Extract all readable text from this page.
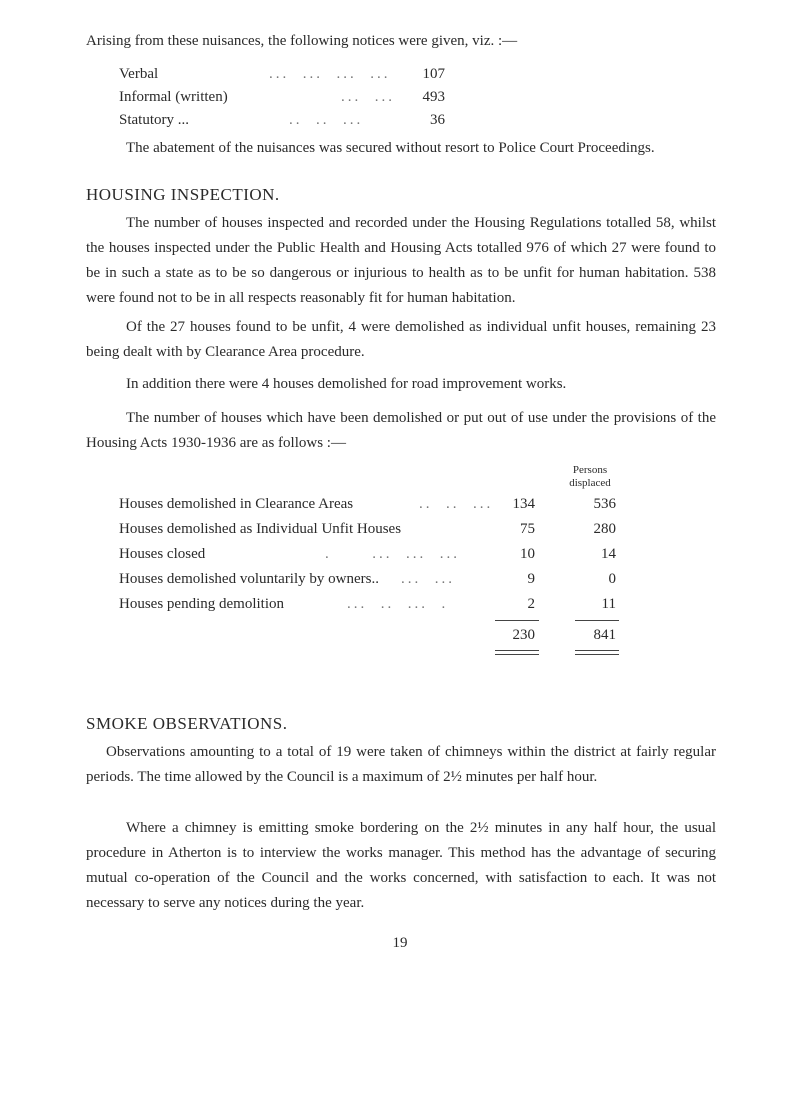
Arising from these nuisances, the following notices were given, viz. :—

Verbal	...  ...  ...  ...	107
Informal (written)	...  ...	493
Statutory ...	..  ..  ...	36

The abatement of the nuisances was secured without resort to Police Court Proceedings.

HOUSING INSPECTION.

The number of houses inspected and recorded under the Housing Regulations totalled 58, whilst the houses inspected under the Public Health and Housing Acts totalled 976 of which 27 were found to be in such a state as to be so dangerous or injurious to health as to be unfit for human habitation. 538 were found not to be in all respects reasonably fit for human habitation.

Of the 27 houses found to be unfit, 4 were demolished as individual unfit houses, remaining 23 being dealt with by Clearance Area procedure.

In addition there were 4 houses demolished for road improvement works.

The number of houses which have been demolished or put out of use under the provisions of the Housing Acts 1930-1936 are as follows :—

Persons displaced
Houses demolished in Clearance Areas	..  ..  ...	134	536
Houses demolished as Individual Unfit Houses	75	280
Houses closed	.      ...  ...  ...	10	14
Houses demolished voluntarily by owners.. ...  ...	9	0
Houses pending demolition	...  ..  ...  .	2	11
230	841
SMOKE OBSERVATIONS.

Observations amounting to a total of 19 were taken of chimneys within the district at fairly regular periods. The time allowed by the Council is a maximum of 2½ minutes per half hour.

Where a chimney is emitting smoke bordering on the 2½ minutes in any half hour, the usual procedure in Atherton is to interview the works manager. This method has the advantage of securing mutual co-operation of the Council and the works concerned, with satisfaction to each. It was not necessary to serve any notices during the year.

19
